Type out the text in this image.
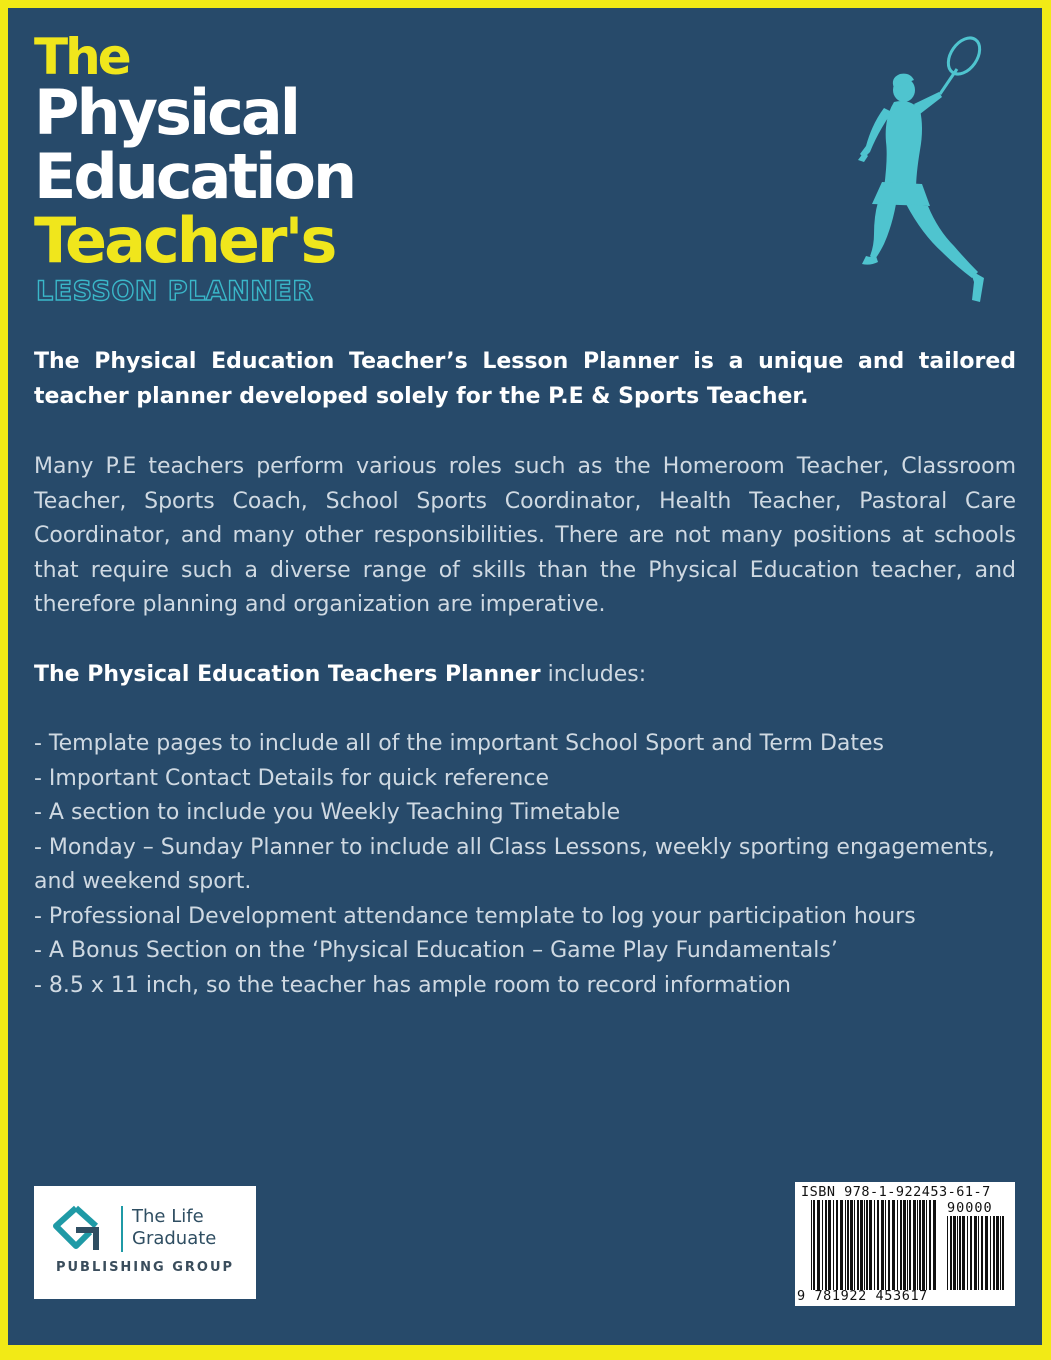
The
Physical
Education
Teacher's
LESSON PLANNER
The Physical Education Teacher’s Lesson Planner is a unique and tailored teacher planner developed solely for the P.E & Sports Teacher.
Many P.E teachers perform various roles such as the Homeroom Teacher, Classroom Teacher, Sports Coach, School Sports Coordinator, Health Teacher, Pastoral Care Coordinator, and many other responsibilities. There are not many positions at schools that require such a diverse range of skills than the Physical Education teacher, and therefore planning and organization are imperative.
The Physical Education Teachers Planner includes:
- Template pages to include all of the important School Sport and Term Dates
- Important Contact Details for quick reference
- A section to include you Weekly Teaching Timetable
- Monday – Sunday Planner to include all Class Lessons, weekly sporting engagements, and weekend sport.
- Professional Development attendance template to log your participation hours
- A Bonus Section on the ‘Physical Education – Game Play Fundamentals’
- 8.5 x 11 inch, so the teacher has ample room to record information
The Life
Graduate
PUBLISHING GROUP
ISBN 978-1-922453-61-7
90000
9 781922 453617
